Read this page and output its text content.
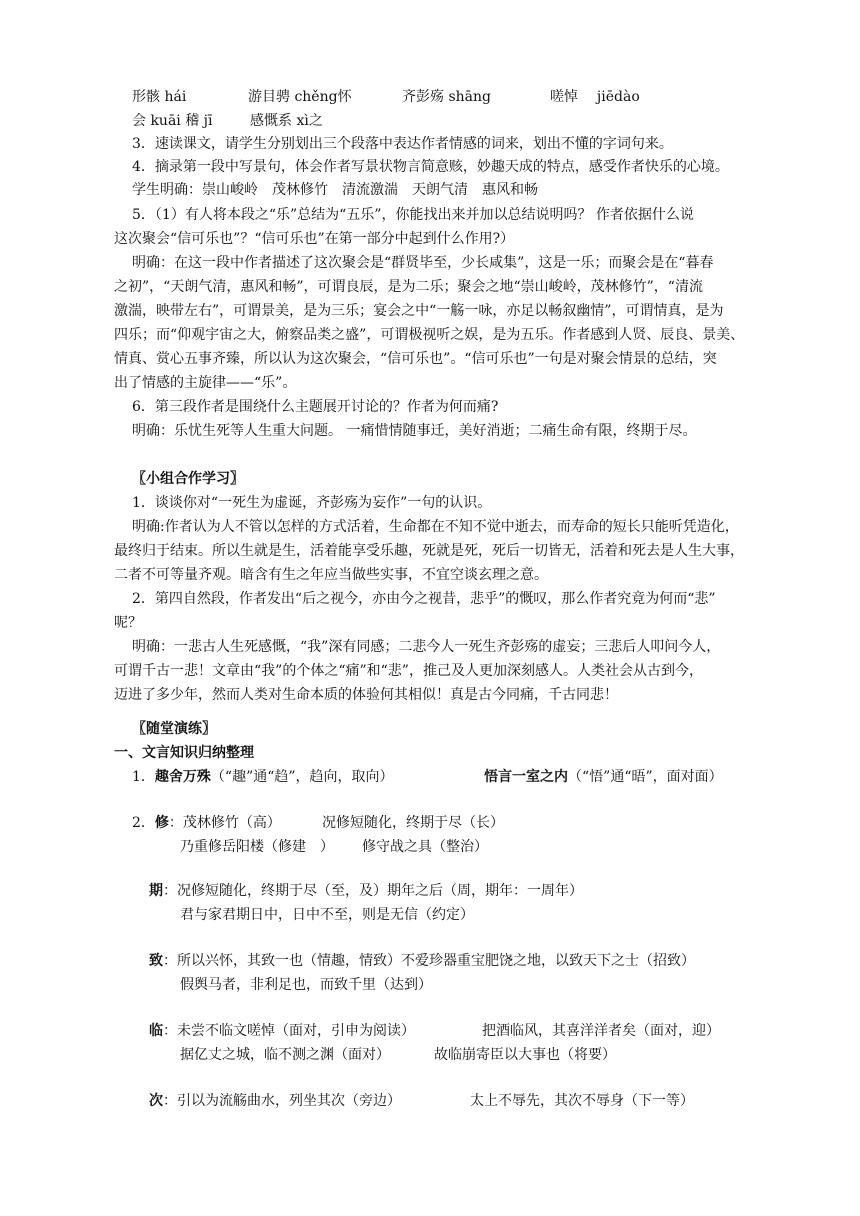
形骸 hái	游目骋 chěng怀	齐彭殇 shāng	嗟悼 jiēdào
会 kuāi 稽 jī	感慨系 xì之
3．速读课文，请学生分别划出三个段落中表达作者情感的词来，划出不懂的字词句来。
4．摘录第一段中写景句，体会作者写景状物言简意赅，妙趣天成的特点，感受作者快乐的心境。
学生明确：崇山峻岭　茂林修竹　清流激湍　天朗气清　惠风和畅
5．（1）有人将本段之“乐”总结为“五乐”，你能找出来并加以总结说明吗？ 作者依据什么说
这次聚会“信可乐也”？“信可乐也”在第一部分中起到什么作用?）
明确：在这一段中作者描述了这次聚会是“群贤毕至，少长咸集”，这是一乐；而聚会是在“暮春
之初”，“天朗气清，惠风和畅”，可谓良辰，是为二乐；聚会之地“崇山峻岭，茂林修竹”，“清流
激湍，映带左右”，可谓景美，是为三乐；宴会之中“一觞一咏，亦足以畅叙幽情”，可谓情真，是为
四乐；而“仰观宇宙之大，俯察品类之盛”，可谓极视听之娱，是为五乐。作者感到人贤、辰良、景美、
情真、赏心五事齐臻，所以认为这次聚会，“信可乐也”。“信可乐也”一句是对聚会情景的总结，突
出了情感的主旋律——“乐”。
6．第三段作者是围绕什么主题展开讨论的？作者为何而痛?
明确：乐忧生死等人生重大问题。 一痛惜情随事迁，美好消逝；二痛生命有限，终期于尽。
〖小组合作学习〗
1．谈谈你对“一死生为虚诞，齐彭殇为妄作”一句的认识。
明确:作者认为人不管以怎样的方式活着，生命都在不知不觉中逝去，而寿命的短长只能听凭造化，
最终归于结束。所以生就是生，活着能享受乐趣，死就是死，死后一切皆无，活着和死去是人生大事，
二者不可等量齐观。暗含有生之年应当做些实事，不宜空谈玄理之意。
2．第四自然段，作者发出“后之视今，亦由今之视昔，悲乎”的慨叹，那么作者究竟为何而“悲”
呢？
明确：一悲古人生死感慨，“我”深有同感；二悲今人一死生齐彭殇的虚妄；三悲后人叩问今人，
可谓千古一悲！文章由“我”的个体之“痛”和“悲”，推己及人更加深刻感人。人类社会从古到今，
迈进了多少年，然而人类对生命本质的体验何其相似！真是古今同痛，千古同悲！
〖随堂演练〗
一、文言知识归纳整理
1．趣舍万殊（“趣”通“趋”，趋向，取向）	悟言一室之内（“悟”通“晤”，面对面）
2．修：茂林修竹（高）	况修短随化，终期于尽（长）
乃重修岳阳楼（修建　） 修守战之具（整治）
期：况修短随化，终期于尽（至，及）期年之后（周，期年：一周年）
君与家君期日中，日中不至，则是无信（约定）
致：所以兴怀，其致一也（情趣，情致）不爱珍器重宝肥饶之地，以致天下之士（招致）
假舆马者，非利足也，而致千里（达到）
临：未尝不临文嗟悼（面对，引申为阅读）	把酒临风，其喜洋洋者矣（面对，迎）
据亿丈之城，临不测之渊（面对）	故临崩寄臣以大事也（将要）
次：引以为流觞曲水，列坐其次（旁边）	太上不辱先，其次不辱身（下一等）
